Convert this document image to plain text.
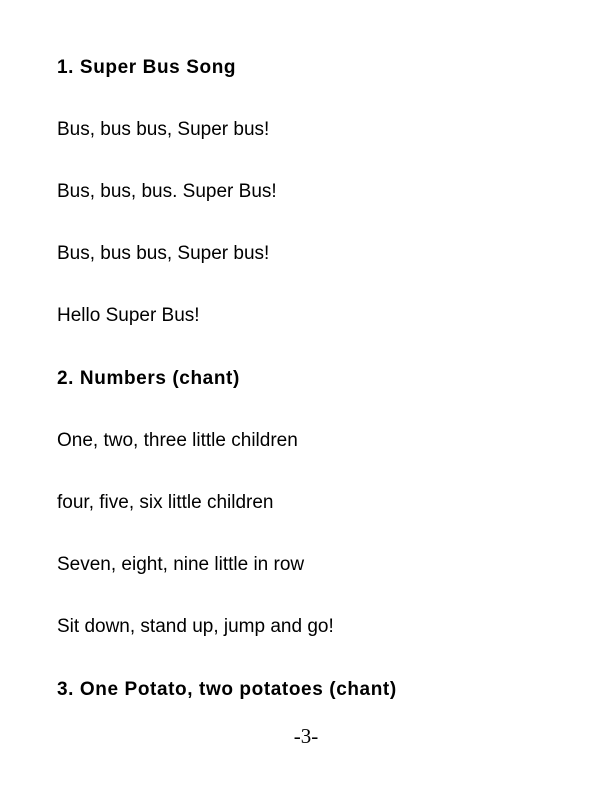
1. Super Bus Song
Bus, bus bus, Super bus!
Bus, bus, bus. Super Bus!
Bus, bus bus, Super bus!
Hello Super Bus!
2. Numbers (chant)
One, two, three little children
four, five, six little children
Seven, eight, nine little in row
Sit down, stand up, jump and go!
3. One Potato, two potatoes (chant)
-3-
